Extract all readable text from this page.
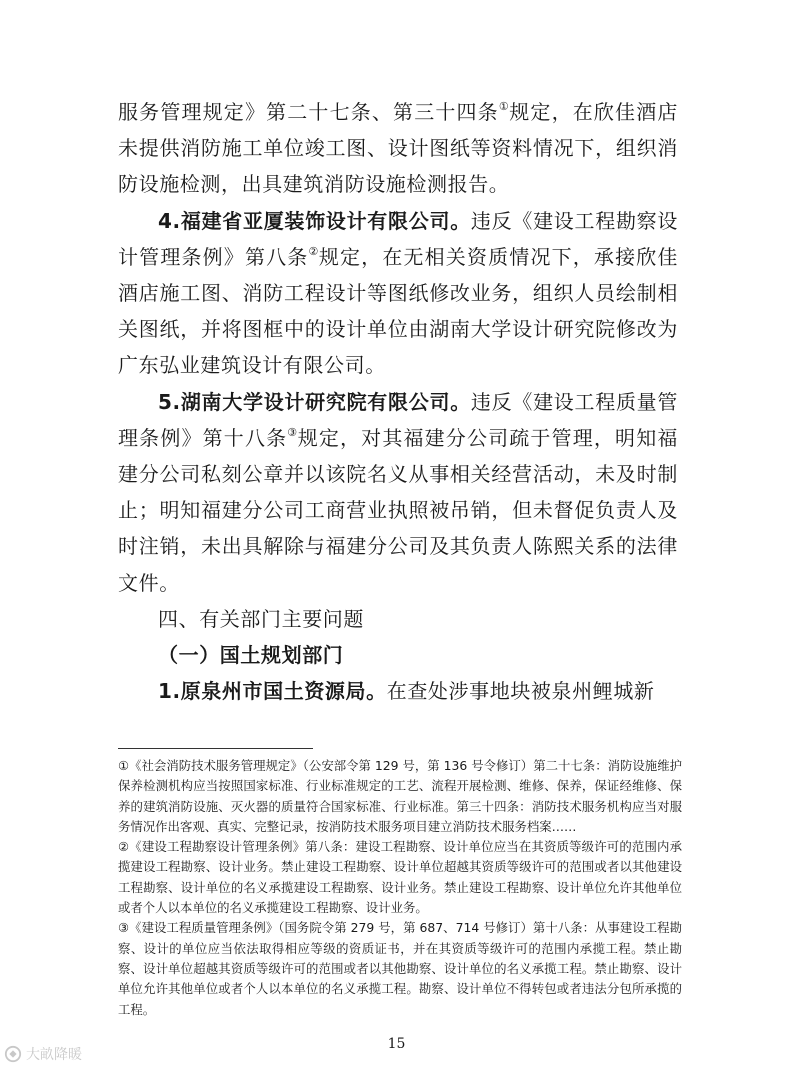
服务管理规定》第二十七条、第三十四条①规定，在欣佳酒店未提供消防施工单位竣工图、设计图纸等资料情况下，组织消防设施检测，出具建筑消防设施检测报告。

4.福建省亚厦装饰设计有限公司。违反《建设工程勘察设计管理条例》第八条②规定，在无相关资质情况下，承接欣佳酒店施工图、消防工程设计等图纸修改业务，组织人员绘制相关图纸，并将图框中的设计单位由湖南大学设计研究院修改为广东弘业建筑设计有限公司。

5.湖南大学设计研究院有限公司。违反《建设工程质量管理条例》第十八条③规定，对其福建分公司疏于管理，明知福建分公司私刻公章并以该院名义从事相关经营活动，未及时制止；明知福建分公司工商营业执照被吊销，但未督促负责人及时注销，未出具解除与福建分公司及其负责人陈熙关系的法律文件。

四、有关部门主要问题

（一）国土规划部门

1.原泉州市国土资源局。在查处涉事地块被泉州鲤城新

①《社会消防技术服务管理规定》（公安部令第 129 号，第 136 号令修订）第二十七条：消防设施维护保养检测机构应当按照国家标准、行业标准规定的工艺、流程开展检测、维修、保养，保证经维修、保养的建筑消防设施、灭火器的质量符合国家标准、行业标准。第三十四条：消防技术服务机构应当对服务情况作出客观、真实、完整记录，按消防技术服务项目建立消防技术服务档案……

②《建设工程勘察设计管理条例》第八条：建设工程勘察、设计单位应当在其资质等级许可的范围内承揽建设工程勘察、设计业务。禁止建设工程勘察、设计单位超越其资质等级许可的范围或者以其他建设工程勘察、设计单位的名义承揽建设工程勘察、设计业务。禁止建设工程勘察、设计单位允许其他单位或者个人以本单位的名义承揽建设工程勘察、设计业务。

③《建设工程质量管理条例》（国务院令第 279 号，第 687、714 号修订）第十八条：从事建设工程勘察、设计的单位应当依法取得相应等级的资质证书，并在其资质等级许可的范围内承揽工程。禁止勘察、设计单位超越其资质等级许可的范围或者以其他勘察、设计单位的名义承揽工程。禁止勘察、设计单位允许其他单位或者个人以本单位的名义承揽工程。勘察、设计单位不得转包或者违法分包所承揽的工程。

15
大畝降暖
